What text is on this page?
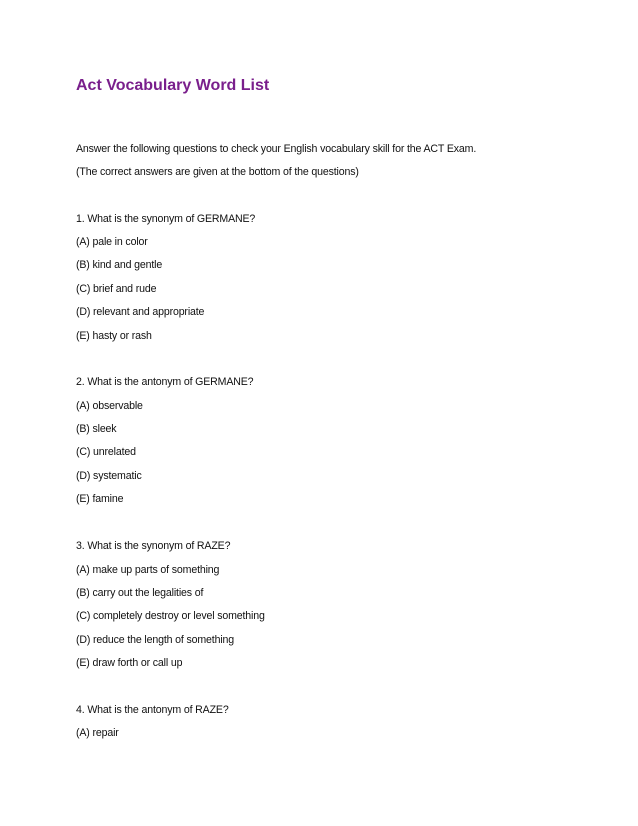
Act Vocabulary Word List
Answer the following questions to check your English vocabulary skill for the ACT Exam.
(The correct answers are given at the bottom of the questions)
1. What is the synonym of GERMANE?
(A) pale in color
(B) kind and gentle
(C) brief and rude
(D) relevant and appropriate
(E) hasty or rash
2. What is the antonym of GERMANE?
(A) observable
(B) sleek
(C) unrelated
(D) systematic
(E) famine
3. What is the synonym of RAZE?
(A) make up parts of something
(B) carry out the legalities of
(C) completely destroy or level something
(D) reduce the length of something
(E) draw forth or call up
4. What is the antonym of RAZE?
(A) repair
